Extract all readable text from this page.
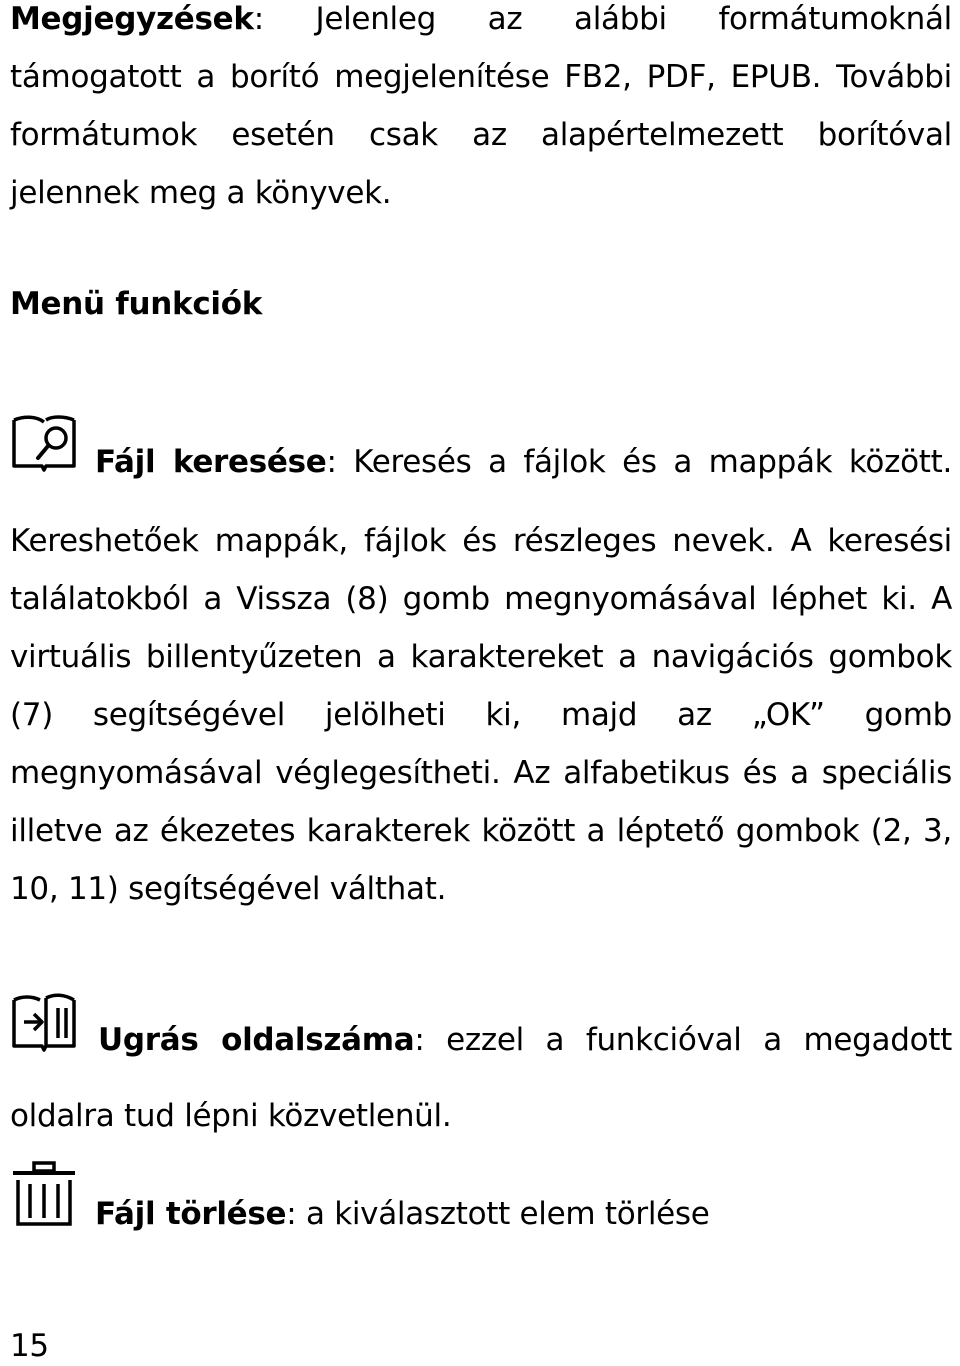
Megjegyzések: Jelenleg az alábbi formátumoknál támogatott a borító megjelenítése FB2, PDF, EPUB. További formátumok esetén csak az alapértelmezett borítóval jelennek meg a könyvek.

Menü funkciók

Fájl keresése: Keresés a fájlok és a mappák között.

Kereshetőek mappák, fájlok és részleges nevek. A keresési találatokból a Vissza (8) gomb megnyomásával léphet ki. A virtuális billentyűzeten a karaktereket a navigációs gombok (7) segítségével jelölheti ki, majd az „OK” gomb megnyomásával véglegesítheti. Az alfabetikus és a speciális illetve az ékezetes karakterek között a léptető gombok (2, 3, 10, 11) segítségével válthat.

Ugrás oldalszáma: ezzel a funkcióval a megadott

oldalra tud lépni közvetlenül.

Fájl törlése: a kiválasztott elem törlése

15
